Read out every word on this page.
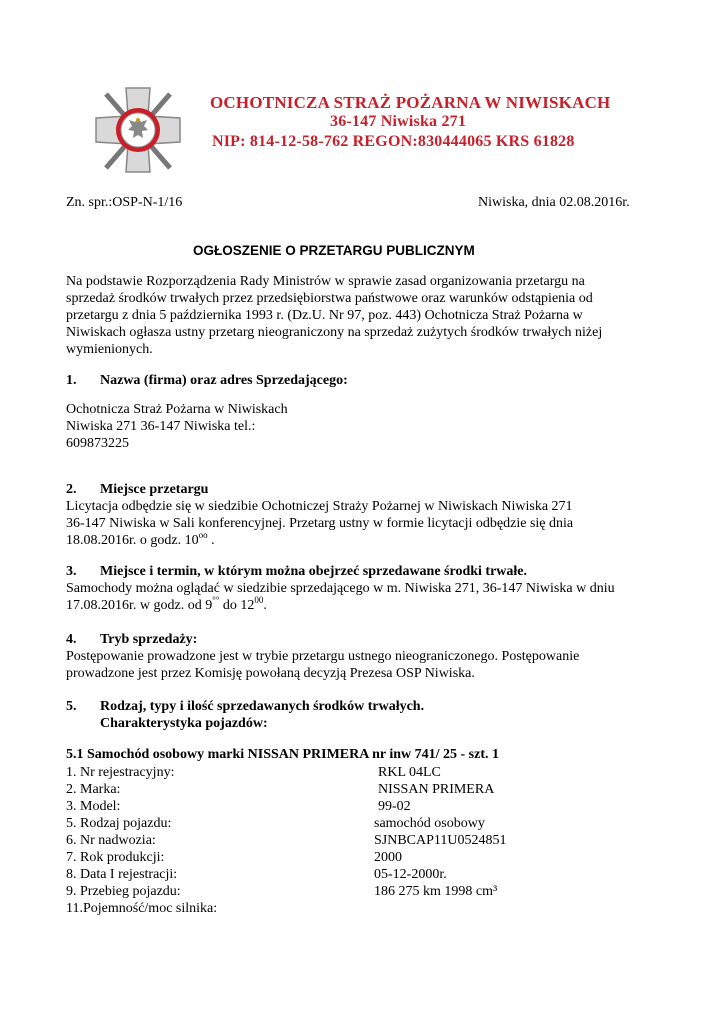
OCHOTNICZA STRAŻ POŻARNA W NIWISKACH
36-147 Niwiska 271
NIP: 814-12-58-762 REGON:830444065 KRS 61828
Zn. spr.:OSP-N-1/16	Niwiska, dnia 02.08.2016r.
OGŁOSZENIE O PRZETARGU PUBLICZNYM
Na podstawie Rozporządzenia Rady Ministrów w sprawie zasad organizowania przetargu na
sprzedaż środków trwałych przez przedsiębiorstwa państwowe oraz warunków odstąpienia od
przetargu z dnia 5 października 1993 r. (Dz.U. Nr 97, poz. 443) Ochotnicza Straż Pożarna w
Niwiskach ogłasza ustny przetarg nieograniczony na sprzedaż zużytych środków trwałych niżej
wymienionych.
1. Nazwa (firma) oraz adres Sprzedającego:
Ochotnicza Straż Pożarna w Niwiskach
Niwiska 271 36-147 Niwiska tel.:
609873225
2. Miejsce przetargu
Licytacja odbędzie się w siedzibie Ochotniczej Straży Pożarnej w Niwiskach Niwiska 271
36-147 Niwiska w Sali konferencyjnej. Przetarg ustny w formie licytacji odbędzie się dnia
18.08.2016r. o godz. $10^{oo}$ .
3. Miejsce i termin, w którym można obejrzeć sprzedawane środki trwałe.
Samochody można oglądać w siedzibie sprzedającego w m. Niwiska 271, 36-147 Niwiska w dniu
17.08.2016r. w godz. od 9°° do $12^{00}$.
4. Tryb sprzedaży:
Postępowanie prowadzone jest w trybie przetargu ustnego nieograniczonego. Postępowanie
prowadzone jest przez Komisję powołaną decyzją Prezesa OSP Niwiska.
5. Rodzaj, typy i ilość sprzedawanych środków trwałych.
Charakterystyka pojazdów:
5.1 Samochód osobowy marki NISSAN PRIMERA nr inw 741/ 25 - szt. 1
1. Nr rejestracyjny:	RKL 04LC
2. Marka:	NISSAN PRIMERA
3. Model:	99-02
5. Rodzaj pojazdu:	samochód osobowy
6. Nr nadwozia:	SJNBCAP11U0524851
7. Rok produkcji:	2000
8. Data I rejestracji:	05-12-2000r.
9. Przebieg pojazdu:	186 275 km 1998 cm³
11.Pojemność/moc silnika:
